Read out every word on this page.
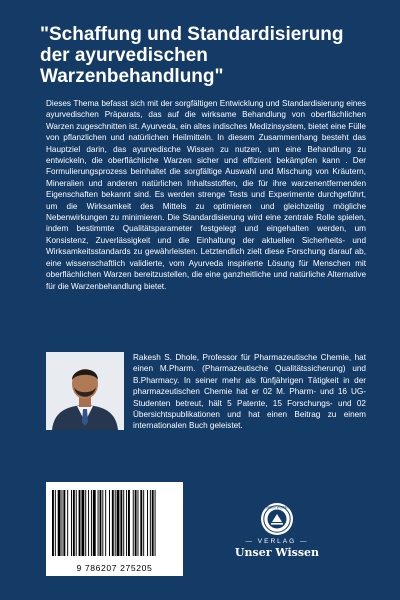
"Schaffung und Standardisierung der ayurvedischen Warzenbehandlung"

Dieses Thema befasst sich mit der sorgfältigen Entwicklung und Standardisierung eines ayurvedischen Präparats, das auf die wirksame Behandlung von oberflächlichen Warzen zugeschnitten ist. Ayurveda, ein altes indisches Medizinsystem, bietet eine Fülle von pflanzlichen und natürlichen Heilmitteln. In diesem Zusammenhang besteht das Hauptziel darin, das ayurvedische Wissen zu nutzen, um eine Behandlung zu entwickeln, die oberflächliche Warzen sicher und effizient bekämpfen kann . Der Formulierungsprozess beinhaltet die sorgfältige Auswahl und Mischung von Kräutern, Mineralien und anderen natürlichen Inhaltsstoffen, die für ihre warzenentfernenden Eigenschaften bekannt sind. Es werden strenge Tests und Experimente durchgeführt, um die Wirksamkeit des Mittels zu optimieren und gleichzeitig mögliche Nebenwirkungen zu minimieren. Die Standardisierung wird eine zentrale Rolle spielen, indem bestimmte Qualitätsparameter festgelegt und eingehalten werden, um Konsistenz, Zuverlässigkeit und die Einhaltung der aktuellen Sicherheits- und Wirksamkeitsstandards zu gewährleisten. Letztendlich zielt diese Forschung darauf ab, eine wissenschaftlich validierte, vom Ayurveda inspirierte Lösung für Menschen mit oberflächlichen Warzen bereitzustellen, die eine ganzheitliche und natürliche Alternative für die Warzenbehandlung bietet.

Rakesh S. Dhole, Professor für Pharmazeutische Chemie, hat einen M.Pharm. (Pharmazeutische Qualitätssicherung) und B.Pharmacy. In seiner mehr als fünfjährigen Tätigkeit in der pharmazeutischen Chemie hat er 02 M. Pharm- und 16 UG-Studenten betreut, hält 5 Patente, 15 Forschungs- und 02 Übersichtspublikationen und hat einen Beitrag zu einem internationalen Buch geleistet.

9 786207 275205
UNSER WISSEN
— VERLAG —
Unser Wissen
